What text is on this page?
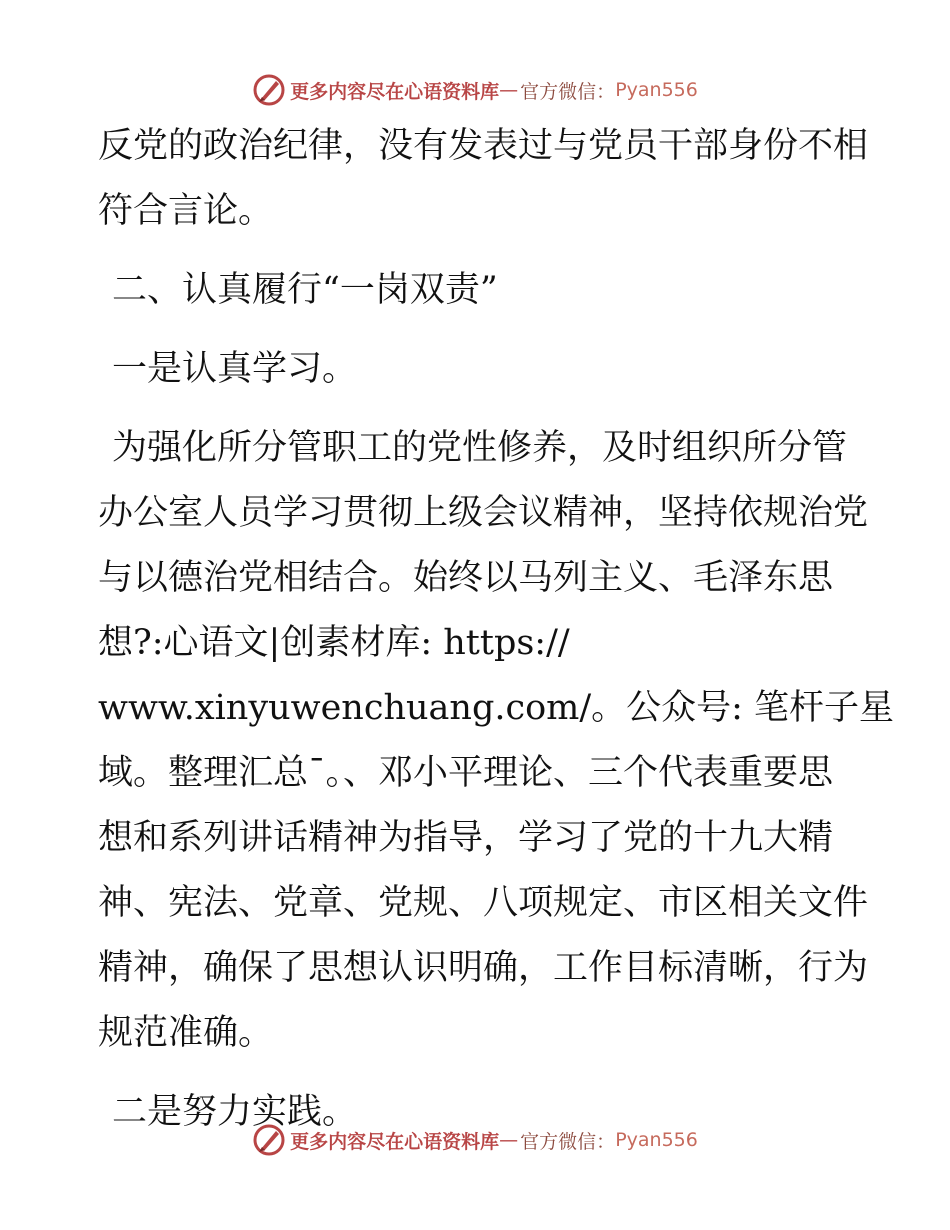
更多内容尽在心语资料库 — 官方微信： Pyan556

反党的政治纪律，没有发表过与党员干部身份不相

符合言论。

二、认真履行“一岗双责”

一是认真学习。

为强化所分管职工的党性修养，及时组织所分管

办公室人员学习贯彻上级会议精神，坚持依规治党

与以德治党相结合。始终以马列主义、毛泽东思

想?:心语文|创素材库: https://

www.xinyuwenchuang.com/。公众号: 笔杆子星

域。整理汇总¯。、邓小平理论、三个代表重要思

想和系列讲话精神为指导，学习了党的十九大精

神、宪法、党章、党规、八项规定、市区相关文件

精神，确保了思想认识明确，工作目标清晰，行为

规范准确。

二是努力实践。

更多内容尽在心语资料库 — 官方微信： Pyan556
